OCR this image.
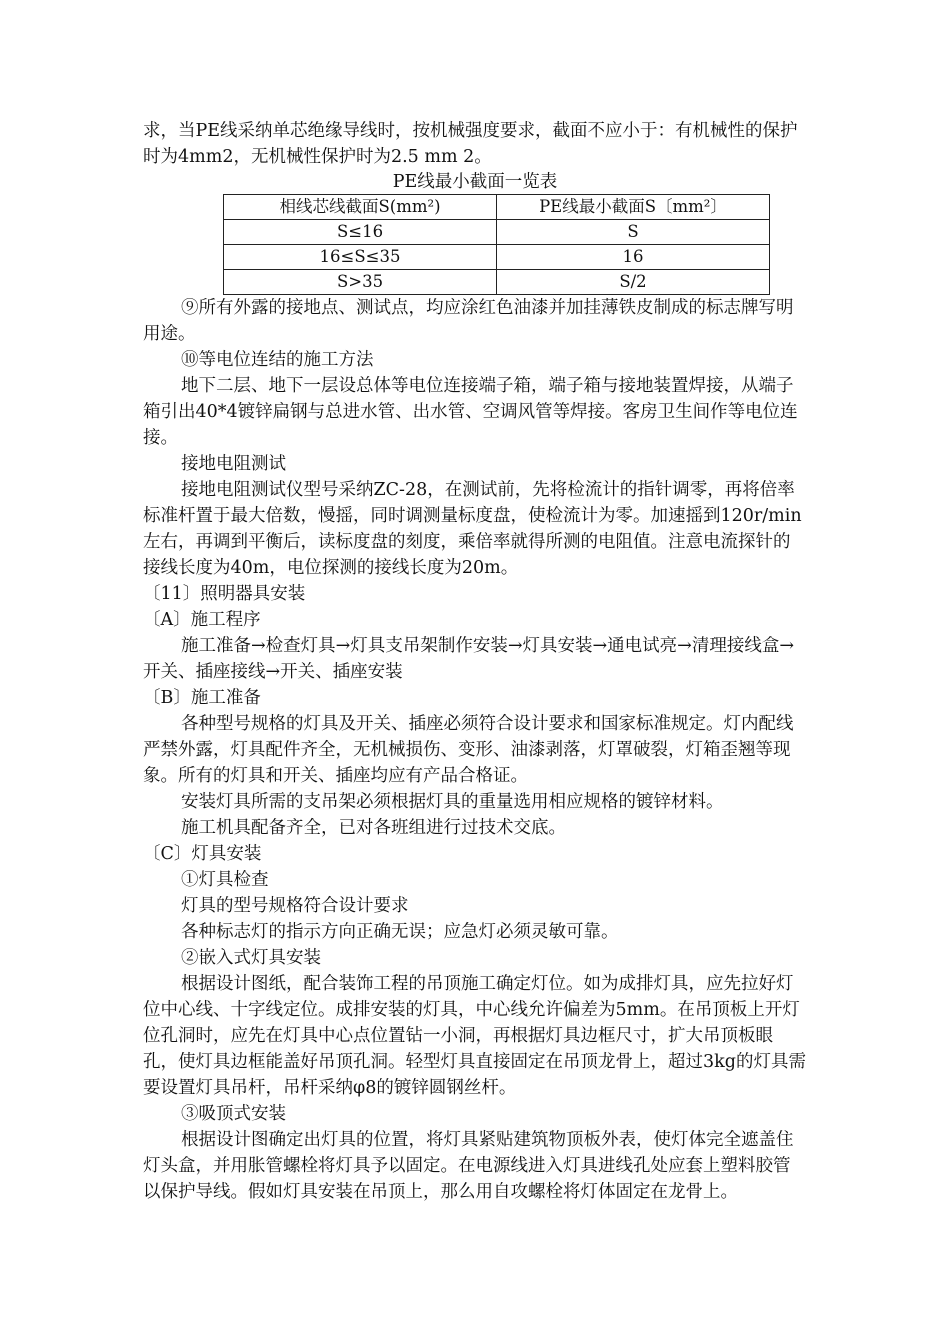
求，当PE线采纳单芯绝缘导线时，按机械强度要求，截面不应小于：有机械性的保护时为4mm2，无机械性保护时为2.5 mm 2。

PE线最小截面一览表

相线芯线截面S(mm²)	PE线最小截面S〔mm²〕
S≤16	S
16≤S≤35	16
S>35	S/2

⑨所有外露的接地点、测试点，均应涂红色油漆并加挂薄铁皮制成的标志牌写明用途。

⑩等电位连结的施工方法

地下二层、地下一层设总体等电位连接端子箱，端子箱与接地装置焊接，从端子箱引出40*4镀锌扁钢与总进水管、出水管、空调风管等焊接。客房卫生间作等电位连接。

接地电阻测试

接地电阻测试仪型号采纳ZC-28，在测试前，先将检流计的指针调零，再将倍率标准杆置于最大倍数，慢摇，同时调测量标度盘，使检流计为零。加速摇到120r/min左右，再调到平衡后，读标度盘的刻度，乘倍率就得所测的电阻值。注意电流探针的接线长度为40m，电位探测的接线长度为20m。

〔11〕照明器具安装

〔A〕施工程序

施工准备→检查灯具→灯具支吊架制作安装→灯具安装→通电试亮→清理接线盒→开关、插座接线→开关、插座安装

〔B〕施工准备

各种型号规格的灯具及开关、插座必须符合设计要求和国家标准规定。灯内配线严禁外露，灯具配件齐全，无机械损伤、变形、油漆剥落，灯罩破裂，灯箱歪翘等现象。所有的灯具和开关、插座均应有产品合格证。

安装灯具所需的支吊架必须根据灯具的重量选用相应规格的镀锌材料。

施工机具配备齐全，已对各班组进行过技术交底。

〔C〕灯具安装

①灯具检查

灯具的型号规格符合设计要求

各种标志灯的指示方向正确无误；应急灯必须灵敏可靠。

②嵌入式灯具安装

根据设计图纸，配合装饰工程的吊顶施工确定灯位。如为成排灯具，应先拉好灯位中心线、十字线定位。成排安装的灯具，中心线允许偏差为5mm。在吊顶板上开灯位孔洞时，应先在灯具中心点位置钻一小洞，再根据灯具边框尺寸，扩大吊顶板眼孔，使灯具边框能盖好吊顶孔洞。轻型灯具直接固定在吊顶龙骨上，超过3kg的灯具需要设置灯具吊杆，吊杆采纳φ8的镀锌圆钢丝杆。

③吸顶式安装

根据设计图确定出灯具的位置，将灯具紧贴建筑物顶板外表，使灯体完全遮盖住灯头盒，并用胀管螺栓将灯具予以固定。在电源线进入灯具进线孔处应套上塑料胶管以保护导线。假如灯具安装在吊顶上，那么用自攻螺栓将灯体固定在龙骨上。
